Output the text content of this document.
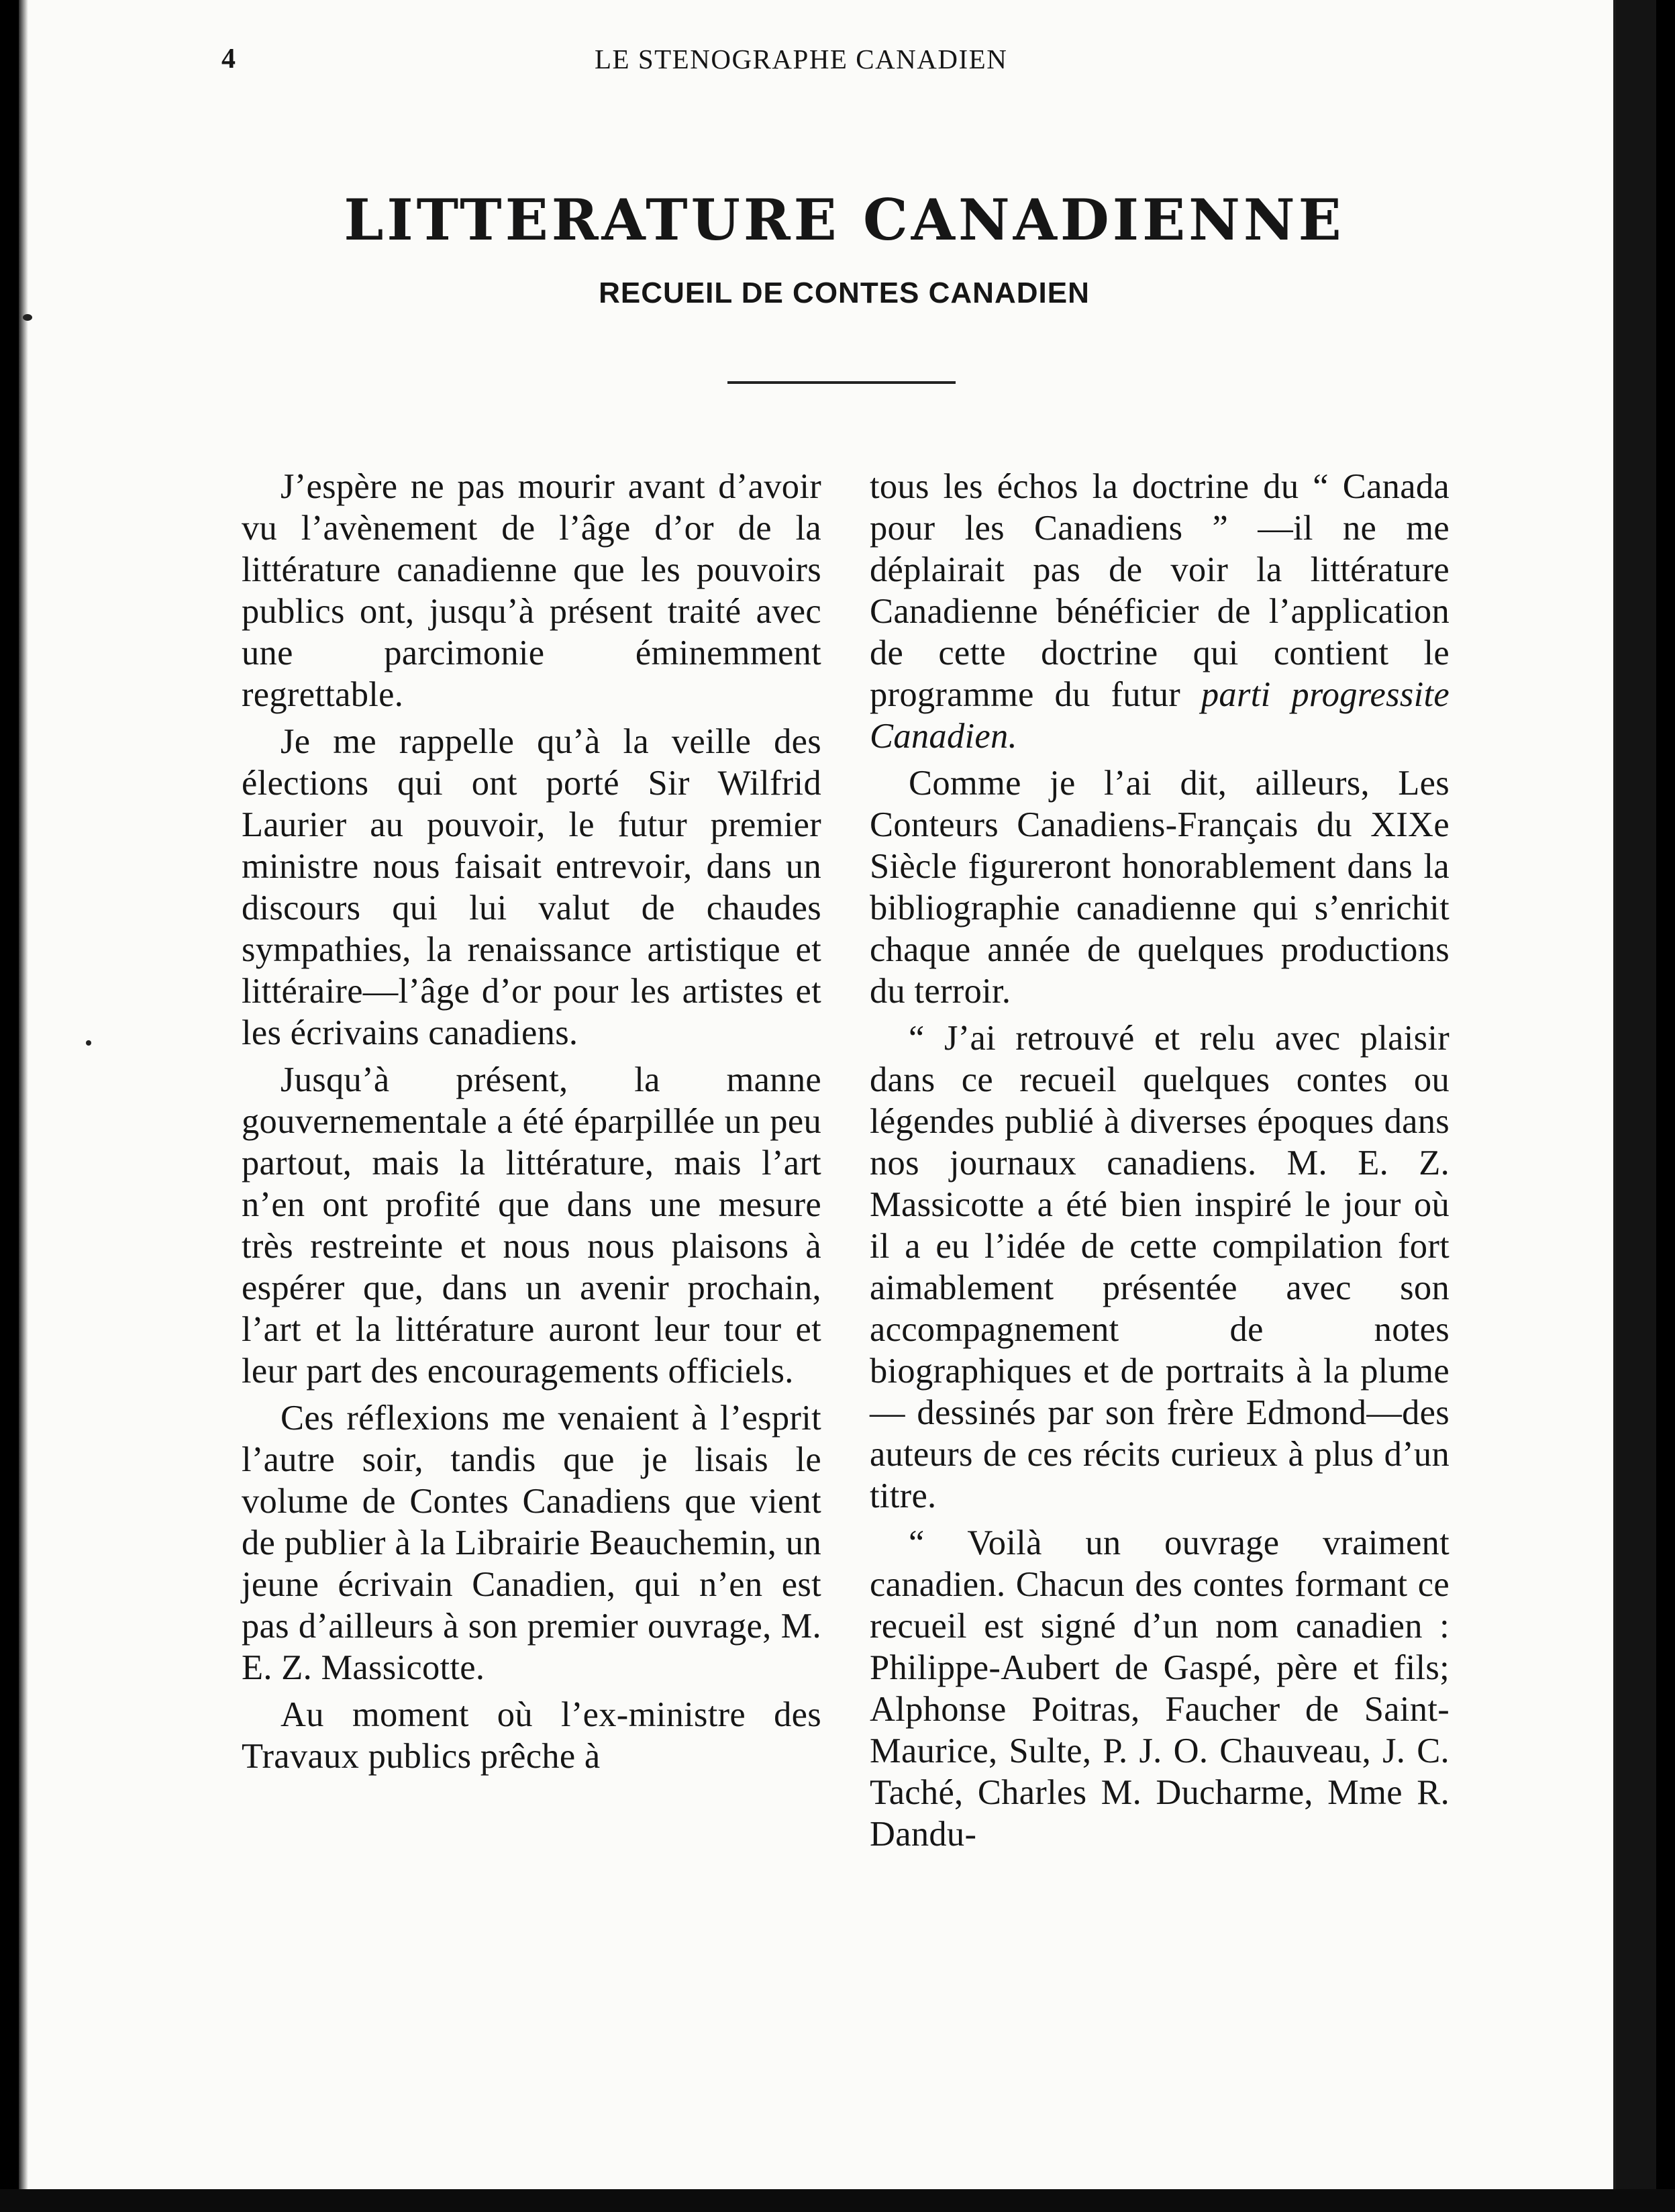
4	LE STENOGRAPHE CANADIEN
LITTERATURE CANADIENNE
RECUEIL DE CONTES CANADIEN

J’espère ne pas mourir avant d’avoir vu l’avènement de l’âge d’or de la littérature canadienne que les pouvoirs publics ont, jusqu’à présent traité avec une parcimonie éminemment regrettable.

Je me rappelle qu’à la veille des élections qui ont porté Sir Wilfrid Laurier au pouvoir, le futur premier ministre nous faisait entrevoir, dans un discours qui lui valut de chaudes sympathies, la renaissance artistique et littéraire—l’âge d’or pour les artistes et les écrivains canadiens.

Jusqu’à présent, la manne gouvernementale a été éparpillée un peu partout, mais la littérature, mais l’art n’en ont profité que dans une mesure très restreinte et nous nous plaisons à espérer que, dans un avenir prochain, l’art et la littérature auront leur tour et leur part des encouragements officiels.

Ces réflexions me venaient à l’esprit l’autre soir, tandis que je lisais le volume de Contes Canadiens que vient de publier à la Librairie Beauchemin, un jeune écrivain Canadien, qui n’en est pas d’ailleurs à son premier ouvrage, M. E. Z. Massicotte.

Au moment où l’ex-ministre des Travaux publics prêche à

tous les échos la doctrine du “ Canada pour les Canadiens ” —il ne me déplairait pas de voir la littérature Canadienne bénéficier de l’application de cette doctrine qui contient le programme du futur parti progressite Canadien.

Comme je l’ai dit, ailleurs, Les Conteurs Canadiens-Français du XIXe Siècle figureront honorablement dans la bibliographie canadienne qui s’enrichit chaque année de quelques productions du terroir.

“ J’ai retrouvé et relu avec plaisir dans ce recueil quelques contes ou légendes publié à diverses époques dans nos journaux canadiens. M. E. Z. Massicotte a été bien inspiré le jour où il a eu l’idée de cette compilation fort aimablement présentée avec son accompagnement de notes biographiques et de portraits à la plume — dessinés par son frère Edmond—des auteurs de ces récits curieux à plus d’un titre.

“ Voilà un ouvrage vraiment canadien. Chacun des contes formant ce recueil est signé d’un nom canadien : Philippe-Aubert de Gaspé, père et fils; Alphonse Poitras, Faucher de Saint-Maurice, Sulte, P. J. O. Chauveau, J. C. Taché, Charles M. Ducharme, Mme R. Dandu-
